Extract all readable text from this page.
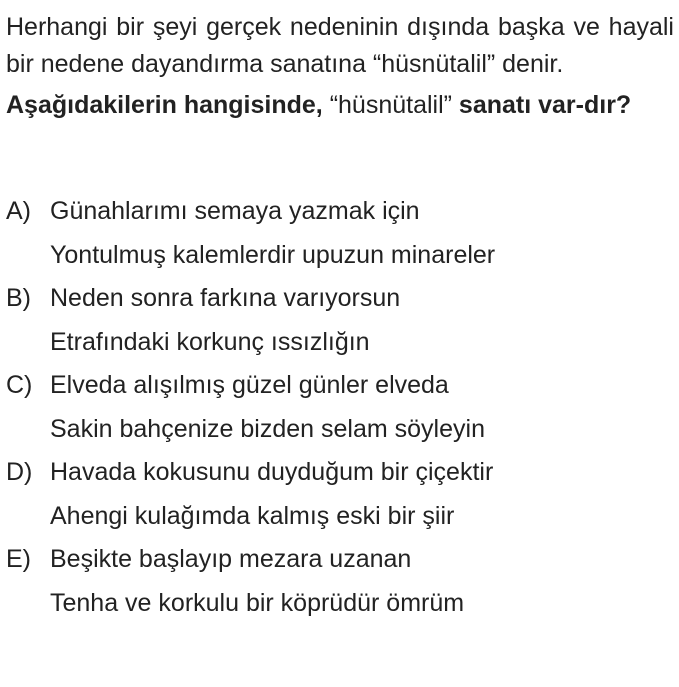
Herhangi bir şeyi gerçek nedeninin dışında başka ve hayali bir nedene dayandırma sanatına “hüsnütalil” denir.

Aşağıdakilerin hangisinde, “hüsnütalil” sanatı var-dır?

A) Günahlarımı semaya yazmak için
Yontulmuş kalemlerdir upuzun minareler
B) Neden sonra farkına varıyorsun
Etrafındaki korkunç ıssızlığın
C) Elveda alışılmış güzel günler elveda
Sakin bahçenize bizden selam söyleyin
D) Havada kokusunu duyduğum bir çiçektir
Ahengi kulağımda kalmış eski bir şiir
E) Beşikte başlayıp mezara uzanan
Tenha ve korkulu bir köprüdür ömrüm
